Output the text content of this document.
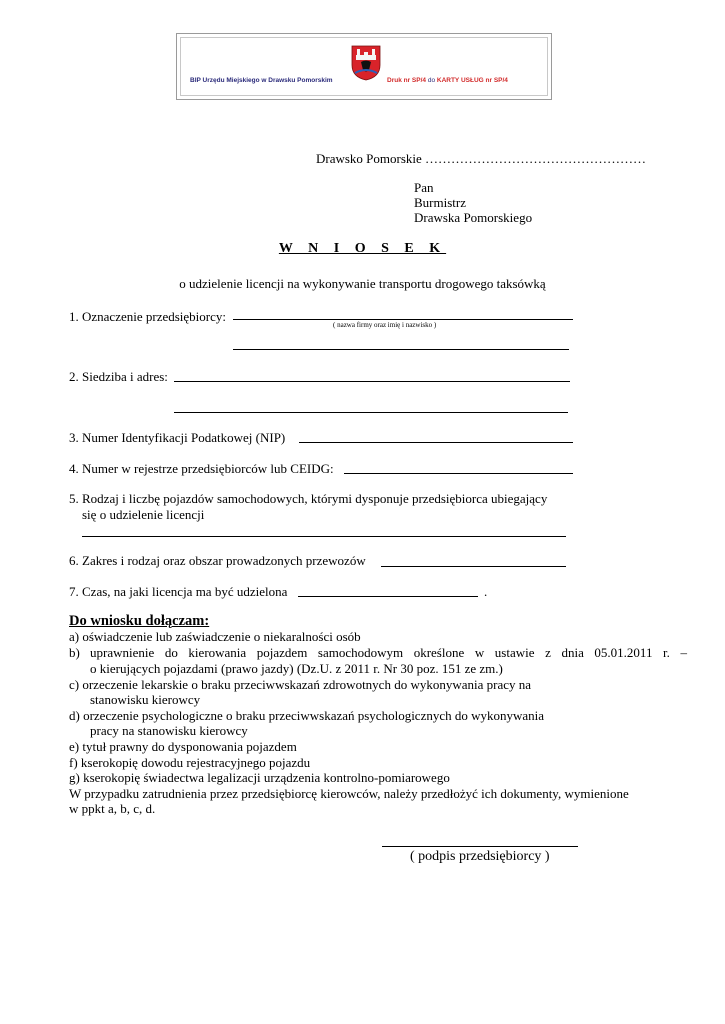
BIP Urzędu Miejskiego w Drawsku Pomorskim	Druk nr SP/4 do KARTY USŁUG nr SP/4
Drawsko Pomorskie ……………………………………………
Pan
Burmistrz
Drawska Pomorskiego
W N I O S E K
o udzielenie licencji na wykonywanie transportu drogowego taksówką
1. Oznaczenie przedsiębiorcy:
( nazwa firmy oraz imię i nazwisko )
2. Siedziba i adres:
3. Numer Identyfikacji Podatkowej (NIP)
4. Numer w rejestrze przedsiębiorców lub CEIDG:
5. Rodzaj i liczbę pojazdów samochodowych, którymi dysponuje przedsiębiorca ubiegający
się o udzielenie licencji
6. Zakres i rodzaj oraz obszar prowadzonych przewozów
7. Czas, na jaki licencja ma być udzielona	.
Do wniosku dołączam:
a) oświadczenie lub zaświadczenie o niekaralności osób
b) uprawnienie do kierowania pojazdem samochodowym określone w ustawie z dnia 05.01.2011 r. –
o kierujących pojazdami (prawo jazdy) (Dz.U. z 2011 r. Nr 30 poz. 151 ze zm.)
c) orzeczenie lekarskie o braku przeciwwskazań zdrowotnych do wykonywania pracy na
stanowisku kierowcy
d) orzeczenie psychologiczne o braku przeciwwskazań psychologicznych do wykonywania
pracy na stanowisku kierowcy
e) tytuł prawny do dysponowania pojazdem
f) kserokopię dowodu rejestracyjnego pojazdu
g) kserokopię świadectwa legalizacji urządzenia kontrolno-pomiarowego
W przypadku zatrudnienia przez przedsiębiorcę kierowców, należy przedłożyć ich dokumenty, wymienione
w ppkt a, b, c, d.
( podpis przedsiębiorcy )
